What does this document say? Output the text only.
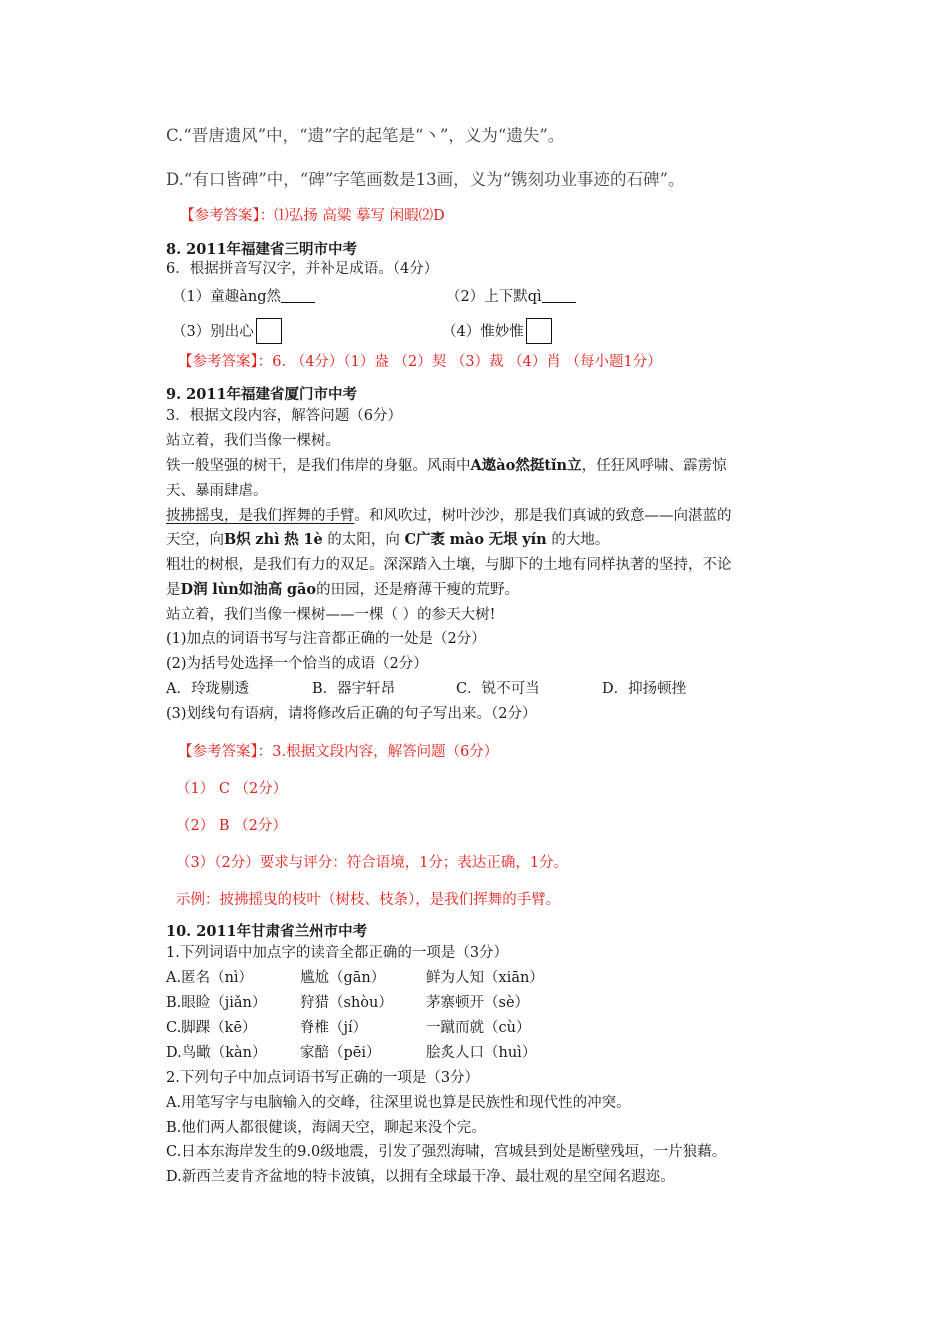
C.“晋唐遗风”中，“遗”字的起笔是“丶”，义为“遗失”。
D.“有口皆碑”中，“碑”字笔画数是13画，义为“镌刻功业事迹的石碑”。
【参考答案】：⑴弘扬 高粱 摹写 闲暇⑵D
8. 2011年福建省三明市中考
6．根据拼音写汉字，并补足成语。（4分）
（1）童趣àng然	（2）上下默qì
（3）别出心	（4）惟妙惟
【参考答案】：6. （4分）（1）盎 （2）契 （3）裁 （4）肖 （每小题1分）
9. 2011年福建省厦门市中考
3．根据文段内容，解答问题（6分）
站立着，我们当像一棵树。
铁一般坚强的树干，是我们伟岸的身躯。风雨中A遨ào然挺tǐn立，任狂风呼啸、霹雳惊
天、暴雨肆虐。
披拂摇曳，是我们挥舞的手臂。和风吹过，树叶沙沙，那是我们真诚的致意——向湛蓝的
天空，向B炽 zhì 热 1è 的太阳，向 C广袤 mào 无垠 yín 的大地。
粗壮的树根，是我们有力的双足。深深踏入土壤，与脚下的土地有同样执著的坚持，不论
是D润 lùn如油高 gāo的田园，还是瘠薄干瘦的荒野。
站立着，我们当像一棵树——一棵（ ）的参天大树!
(1)加点的词语书写与注音都正确的一处是（2分）
(2)为括号处选择一个恰当的成语（2分）
A．玲珑剔透	B．器宇轩昂	C．锐不可当	D．抑扬顿挫
(3)划线句有语病，请将修改后正确的句子写出来。（2分）
【参考答案】：3.根据文段内容，解答问题（6分）
（1） C （2分）
（2） B （2分）
（3）（2分）要求与评分：符合语境，1分；表达正确，1分。
示例：披拂摇曳的枝叶（树枝、枝条），是我们挥舞的手臂。
10. 2011年甘肃省兰州市中考
1.下列词语中加点字的读音全都正确的一项是（3分）
A.匿名（nì）	尴尬（gān）	鲜为人知（xiān）
B.眼睑（jiǎn） 狩猎（shòu） 茅寨顿开（sè）
C.脚踝（kē）	脊椎（jí）	一蹴而就（cù）
D.鸟瞰（kàn） 家醅（pēi）	脍炙人口（huì）
2.下列句子中加点词语书写正确的一项是（3分）
A.用笔写字与电脑输入的交峰，往深里说也算是民族性和现代性的冲突。
B.他们两人都很健谈，海阔天空，聊起来没个完。
C.日本东海岸发生的9.0级地震，引发了强烈海啸，宫城县到处是断壁残垣，一片狼藉。
D.新西兰麦肯齐盆地的特卡波镇，以拥有全球最干净、最壮观的星空闻名遐迩。
